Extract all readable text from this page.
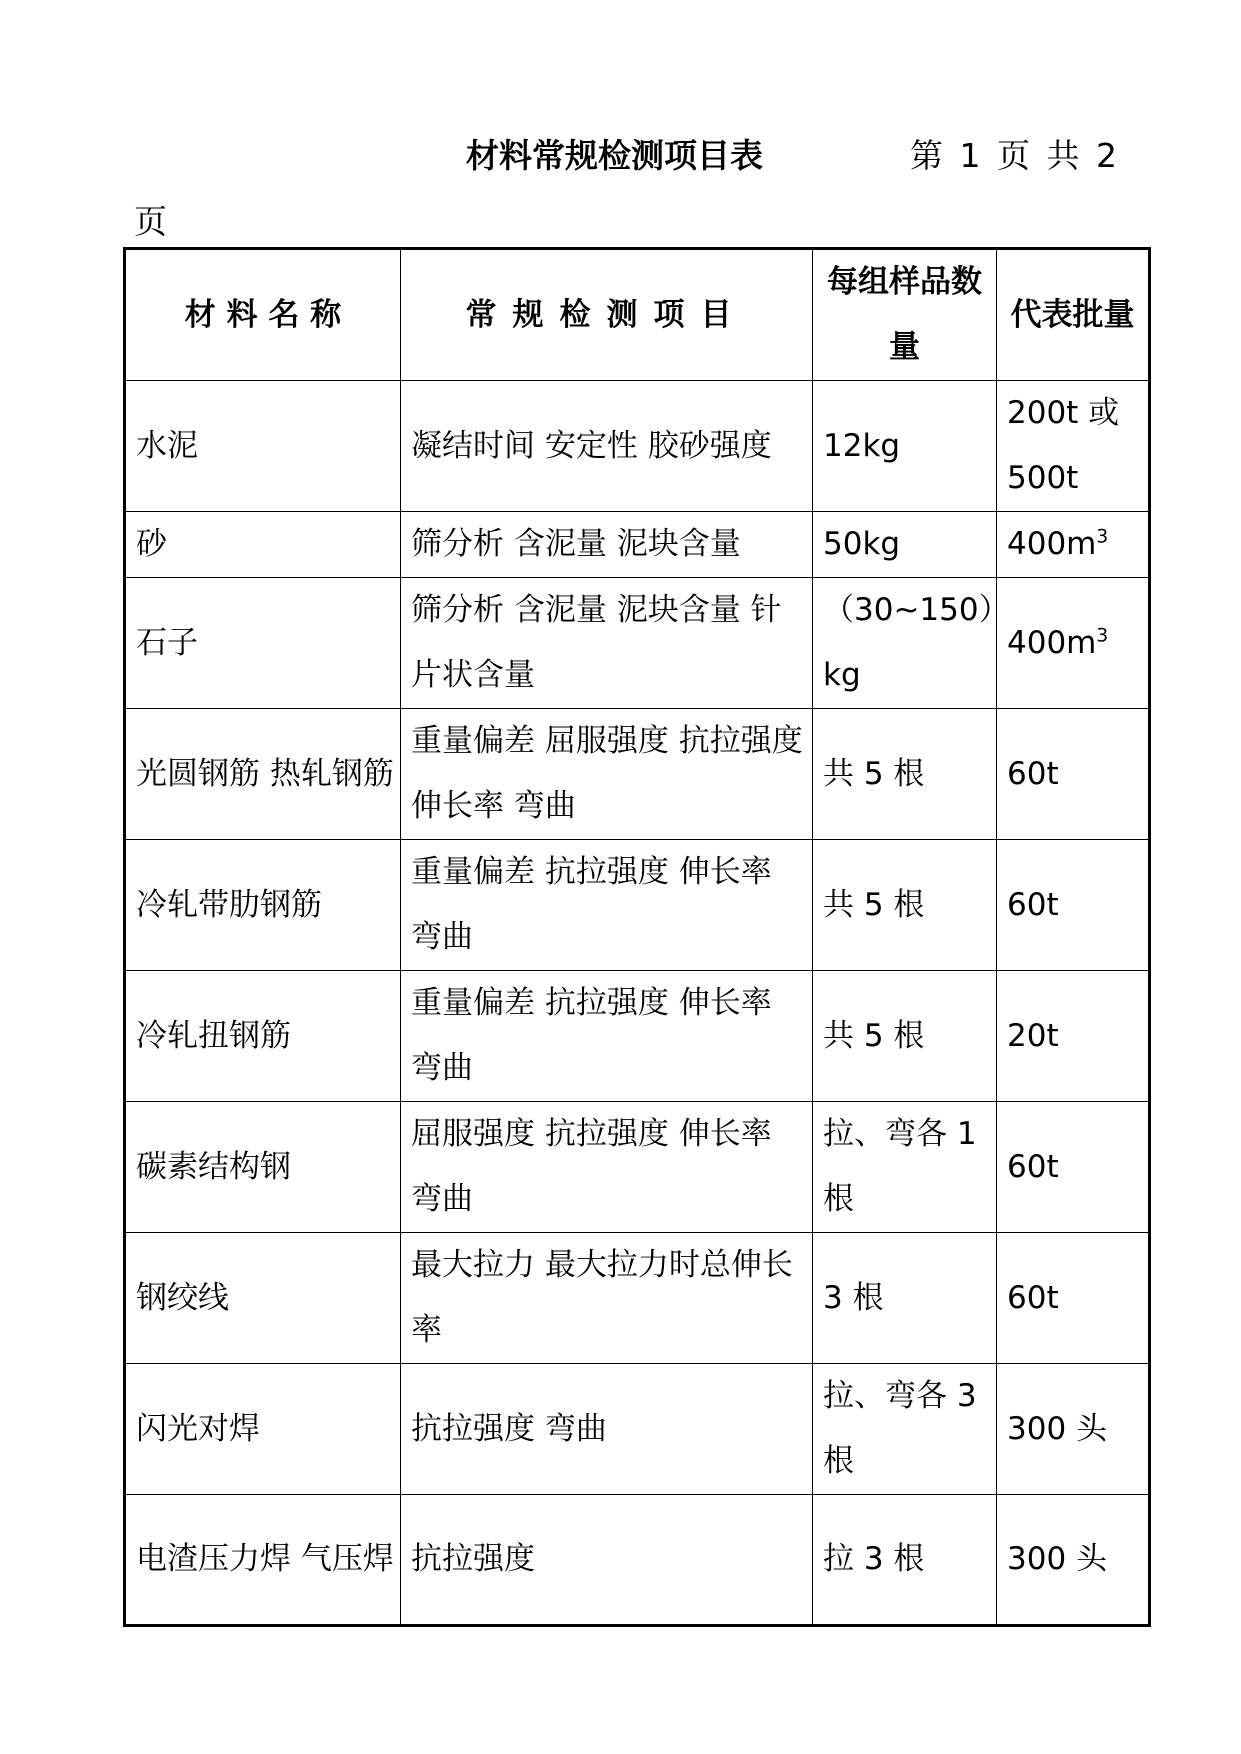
材料常规检测项目表	第 1 页 共 2
页
材 料 名 称	常规检测项目	每组样品数量	代表批量
水泥	凝结时间 安定性 胶砂强度	12kg	200t 或 500t
砂	筛分析 含泥量 泥块含量	50kg	$400m^3$
石子	筛分析 含泥量 泥块含量 针片状含量	（30~150）kg	$400m^3$
光圆钢筋 热轧钢筋	重量偏差 屈服强度 抗拉强度 伸长率 弯曲	共 5 根	60t
冷轧带肋钢筋	重量偏差 抗拉强度 伸长率 弯曲	共 5 根	60t
冷轧扭钢筋	重量偏差 抗拉强度 伸长率 弯曲	共 5 根	20t
碳素结构钢	屈服强度 抗拉强度 伸长率 弯曲	拉、弯各 1 根	60t
钢绞线	最大拉力 最大拉力时总伸长率	3 根	60t
闪光对焊	抗拉强度 弯曲	拉、弯各 3 根	300 头
电渣压力焊 气压焊	抗拉强度	拉 3 根	300 头
